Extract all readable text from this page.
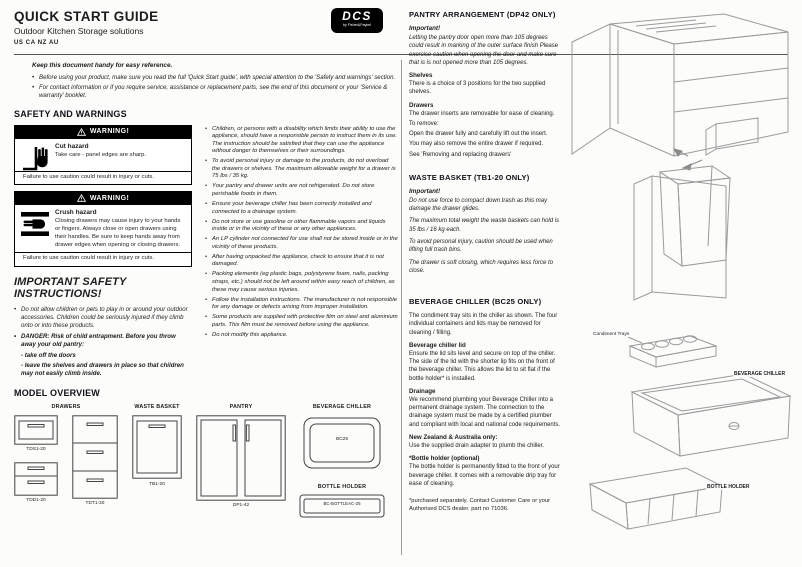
QUICK START GUIDE
Outdoor Kitchen Storage solutions
US CA NZ AU
DCS
by Fisher&Paykel
Keep this document handy for easy reference.
• Before using your product, make sure you read the full 'Quick Start guide', with special attention to the 'Safety and warnings' section.
• For contact information or if you require service, assistance or replacement parts, see the end of this document or your 'Service & warranty' booklet.
SAFETY AND WARNINGS
WARNING!
Cut hazard
Take care - panel edges are sharp.
Failure to use caution could result in injury or cuts.
WARNING!
Crush hazard
Closing drawers may cause injury to your hands or fingers. Always close or open drawers using their handles. Be sure to keep hands away from drawer edges when opening or closing drawers.
Failure to use caution could result in injury or cuts.
IMPORTANT SAFETY INSTRUCTIONS!
• Do not allow children or pets to play in or around your outdoor accessories. Children could be seriously injured if they climb onto or into these products.
• DANGER: Risk of child entrapment. Before you throw away your old pantry:
- take off the doors
- leave the shelves and drawers in place so that children may not easily climb inside.
• Children, or persons with a disability which limits their ability to use the appliance, should have a responsible person to instruct them in its use. The instruction should be satisfied that they can use the appliance without danger to themselves or their surroundings.
• To avoid personal injury or damage to the products, do not overload the drawers or shelves. The maximum allowable weight for a drawer is 75 lbs / 35 kg.
• Your pantry and drawer units are not refrigerated. Do not store perishable foods in them.
• Ensure your beverage chiller has been correctly installed and connected to a drainage system.
• Do not store or use gasoline or other flammable vapors and liquids inside or in the vicinity of these or any other appliances.
• An LP cylinder not connected for use shall not be stored inside or in the vicinity of these products.
• After having unpacked the appliance, check to ensure that it is not damaged.
• Packing elements (eg plastic bags, polystyrene foam, nails, packing straps, etc.) should not be left around within easy reach of children, as these may cause serious injuries.
• Follow the installation instructions. The manufacturer is not responsible for any damage or defects arising from improper installation.
• Some products are supplied with protective film on steel and aluminium parts. This film must be removed before using the appliance.
• Do not modify this appliance.
MODEL OVERVIEW
DRAWERS	WASTE BASKET	PANTRY	BEVERAGE CHILLER
BOTTLE HOLDER
TDS1-20
TDD1-20
TDT1-20
TB1-20
DP1-42
BC25
BC-BOTTLEAC-25
PANTRY ARRANGEMENT (DP42 ONLY)
Important!
Letting the pantry door open more than 105 degrees could result in marking of the outer surface finish Please exercise caution when opening the door and make sure that is is not opened more than 105 degrees.
Shelves
There is a choice of 3 positions for the two supplied shelves.
Drawers
The drawer inserts are removable for ease of cleaning.
To remove:
Open the drawer fully and carefully lift out the insert.
You may also remove the entire drawer if required.
See 'Removing and replacing drawers'
WASTE BASKET (TB1-20 ONLY)
Important!
Do not use force to compact down trash as this may damage the drawer glides.
The maximum total weight the waste baskets can hold is 35 lbs / 16 kg each.
To avoid personal injury, caution should be used when lifting full trash bins.
The drawer is soft closing, which requires less force to close.
BEVERAGE CHILLER (BC25 ONLY)
The condiment tray sits in the chiller as shown. The four individual containers and lids may be removed for cleaning / filling.
Beverage chiller lid
Ensure the lid sits level and secure on top of the chiller. The side of the lid with the shorter lip fits on the front of the beverage chiller. This allows the lid to sit flat if the bottle holder* is installed.
Drainage
We recommend plumbing your Beverage Chiller into a permanent drainage system. The connection to the drainage system must be made by a certified plumber and compliant with local and national code requirements.
New Zealand & Australia only:
Use the supplied drain adapter to plumb the chiller.
*Bottle holder (optional)
The bottle holder is permanently fitted to the front of your beverage chiller. It comes with a removable drip tray for ease of cleaning.
*purchased separately. Contact Customer Care or your Authorised DCS dealer. part no 71036.
Condiment Trays
BEVERAGE CHILLER
BOTTLE HOLDER
